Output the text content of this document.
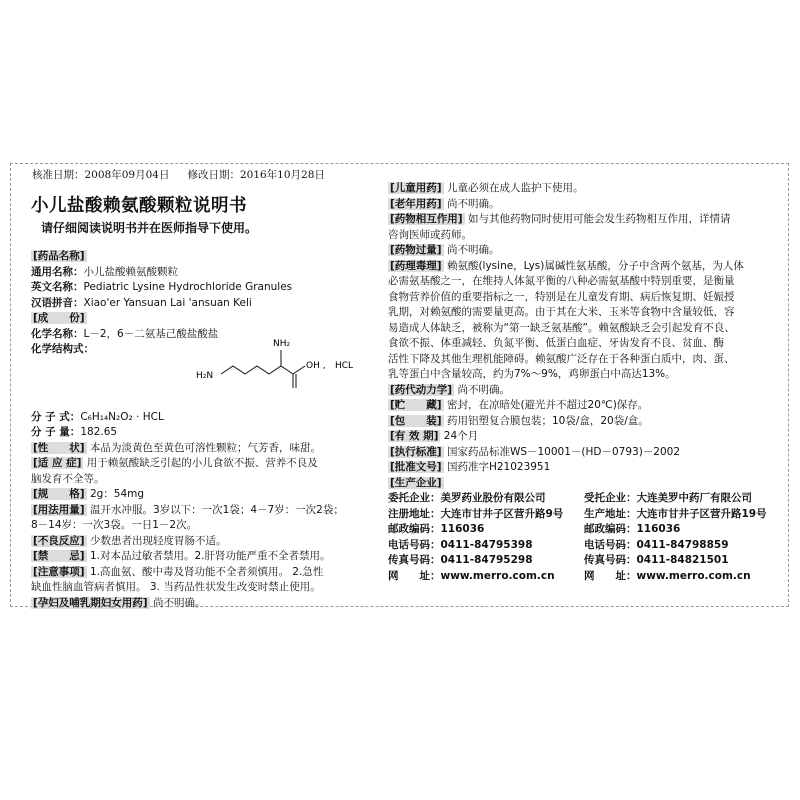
核准日期：2008年09月04日 修改日期：2016年10月28日
小儿盐酸赖氨酸颗粒说明书
请仔细阅读说明书并在医师指导下使用。
[药品名称]
通用名称：小儿盐酸赖氨酸颗粒
英文名称：Pediatric Lysine Hydrochloride Granules
汉语拼音：Xiao'er Yansuan Lai 'ansuan Keli
[成　　份]
化学名称：L－2，6－二氨基己酸盐酸盐
化学结构式：
分 子 式：C₆H₁₄N₂O₂ · HCL
分 子 量：182.65
[性　　状] 本品为淡黄色至黄色可溶性颗粒；气芳香，味甜。
[适 应 症] 用于赖氨酸缺乏引起的小儿食欲不振、营养不良及
脑发育不全等。
[规　　格] 2g：54mg
[用法用量] 温开水冲服。3岁以下：一次1袋；4－7岁：一次2袋；
8－14岁：一次3袋。一日1－2次。
[不良反应] 少数患者出现轻度胃肠不适。
[禁　　忌] 1.对本品过敏者禁用。2.肝肾功能严重不全者禁用。
[注意事项] 1.高血氨、酸中毒及肾功能不全者须慎用。 2.急性
缺血性脑血管病者慎用。 3. 当药品性状发生改变时禁止使用。
[孕妇及哺乳期妇女用药] 尚不明确。
NH₂
OH , HCL
H₂N
[儿童用药] 儿童必须在成人监护下使用。
[老年用药] 尚不明确。
[药物相互作用] 如与其他药物同时使用可能会发生药物相互作用，详情请
咨询医师或药师。
[药物过量] 尚不明确。
[药理毒理] 赖氨酸(lysine，Lys)属碱性氨基酸，分子中含两个氨基，为人体
必需氨基酸之一，在维持人体氮平衡的八种必需氨基酸中特别重要，是衡量
食物营养价值的重要指标之一，特别是在儿童发育期、病后恢复期、妊娠授
乳期，对赖氨酸的需要量更高。由于其在大米、玉米等食物中含量较低，容
易造成人体缺乏，被称为“第一缺乏氨基酸”。赖氨酸缺乏会引起发育不良、
食欲不振、体重减轻、负氮平衡、低蛋白血症、牙齿发育不良、贫血、酶
活性下降及其他生理机能障碍。赖氨酸广泛存在于各种蛋白质中，肉、蛋、
乳等蛋白中含量较高，约为7%～9%，鸡卵蛋白中高达13%。
[药代动力学] 尚不明确。
[贮　　藏] 密封，在凉暗处(避光并不超过20℃)保存。
[包　　装] 药用铝塑复合膜包装；10袋/盒，20袋/盒。
[有 效 期] 24个月
[执行标准] 国家药品标准WS－10001－(HD－0793)－2002
[批准文号] 国药准字H21023951
[生产企业]
委托企业：美罗药业股份有限公司	受托企业：大连美罗中药厂有限公司
注册地址：大连市甘井子区营升路9号	生产地址：大连市甘井子区营升路19号
邮政编码：116036	邮政编码：116036
电话号码：0411-84795398	电话号码：0411-84798859
传真号码：0411-84795298	传真号码：0411-84821501
网　　址：www.merro.com.cn	网　　址：www.merro.com.cn
